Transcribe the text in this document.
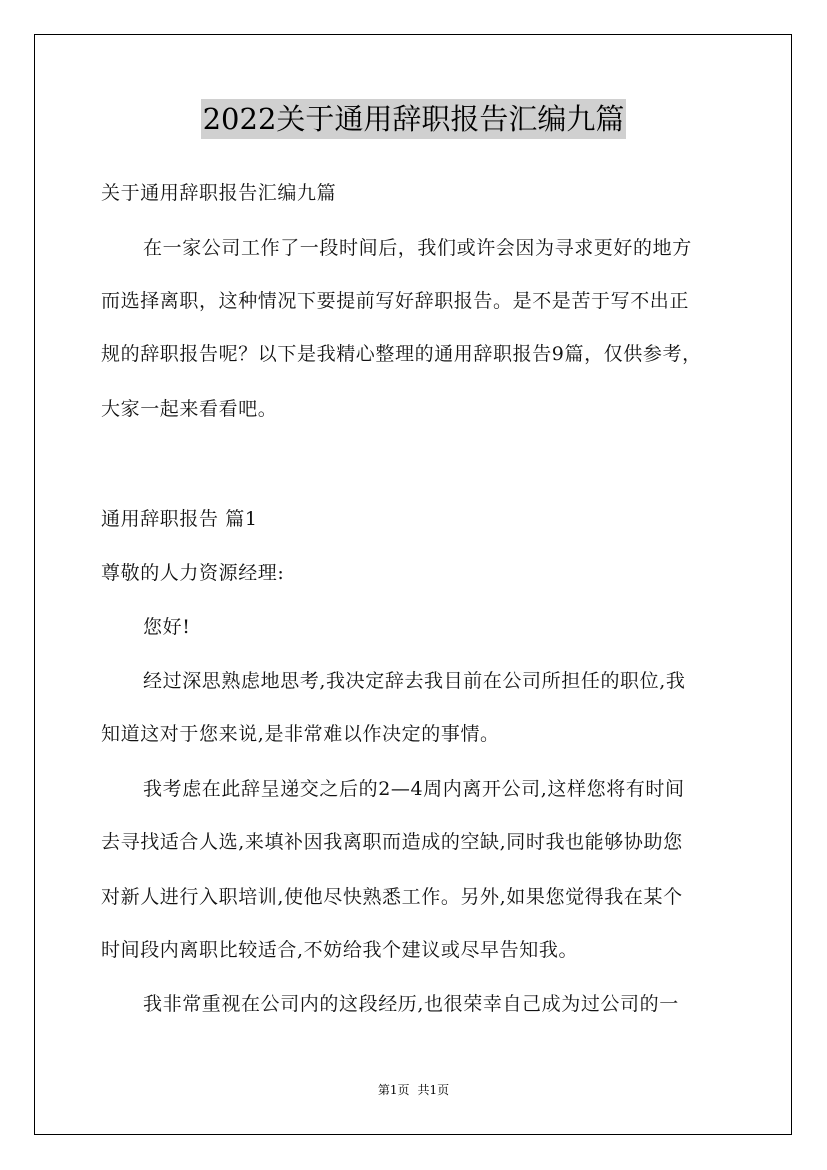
2022关于通用辞职报告汇编九篇
关于通用辞职报告汇编九篇
在一家公司工作了一段时间后，我们或许会因为寻求更好的地方
而选择离职，这种情况下要提前写好辞职报告。是不是苦于写不出正
规的辞职报告呢？以下是我精心整理的通用辞职报告9篇，仅供参考，
大家一起来看看吧。
通用辞职报告 篇1
尊敬的人力资源经理:
您好!
经过深思熟虑地思考,我决定辞去我目前在公司所担任的职位,我
知道这对于您来说,是非常难以作决定的事情。
我考虑在此辞呈递交之后的2—4周内离开公司,这样您将有时间
去寻找适合人选,来填补因我离职而造成的空缺,同时我也能够协助您
对新人进行入职培训,使他尽快熟悉工作。另外,如果您觉得我在某个
时间段内离职比较适合,不妨给我个建议或尽早告知我。
我非常重视在公司内的这段经历,也很荣幸自己成为过公司的一
第1页 共1页
